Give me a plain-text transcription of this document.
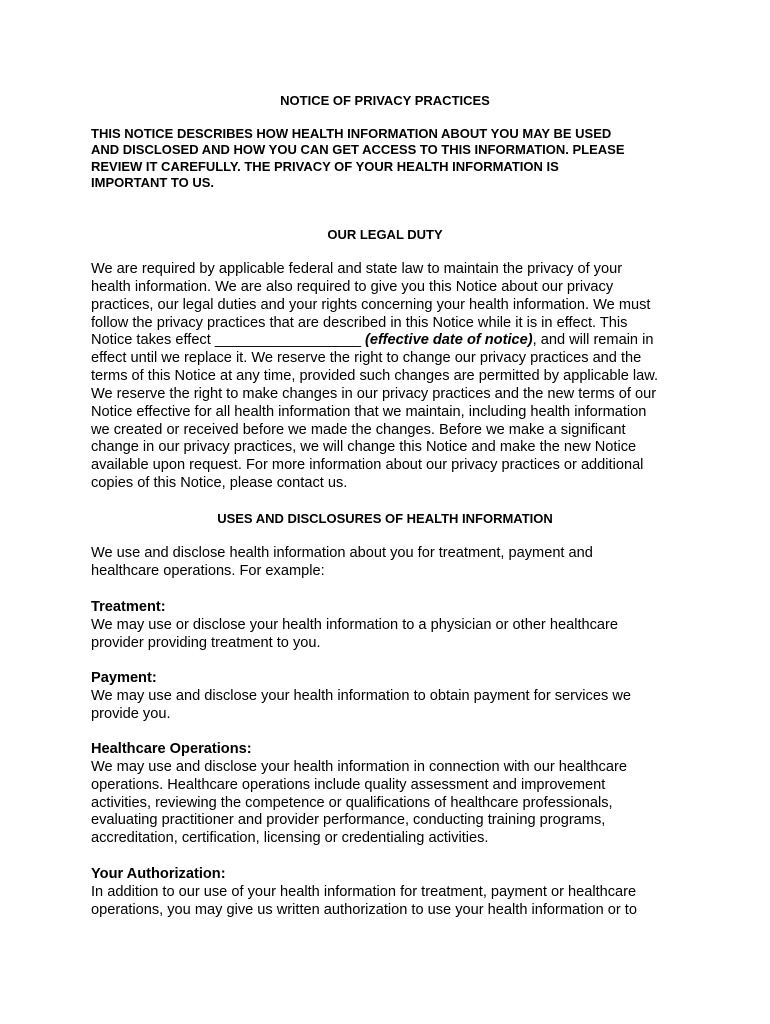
NOTICE OF PRIVACY PRACTICES

THIS NOTICE DESCRIBES HOW HEALTH INFORMATION ABOUT YOU MAY BE USED
AND DISCLOSED AND HOW YOU CAN GET ACCESS TO THIS INFORMATION. PLEASE
REVIEW IT CAREFULLY. THE PRIVACY OF YOUR HEALTH INFORMATION IS
IMPORTANT TO US.

OUR LEGAL DUTY

We are required by applicable federal and state law to maintain the privacy of your
health information. We are also required to give you this Notice about our privacy
practices, our legal duties and your rights concerning your health information. We must
follow the privacy practices that are described in this Notice while it is in effect. This
Notice takes effect __________________ (effective date of notice), and will remain in
effect until we replace it. We reserve the right to change our privacy practices and the
terms of this Notice at any time, provided such changes are permitted by applicable law.
We reserve the right to make changes in our privacy practices and the new terms of our
Notice effective for all health information that we maintain, including health information
we created or received before we made the changes. Before we make a significant
change in our privacy practices, we will change this Notice and make the new Notice
available upon request. For more information about our privacy practices or additional
copies of this Notice, please contact us.

USES AND DISCLOSURES OF HEALTH INFORMATION

We use and disclose health information about you for treatment, payment and
healthcare operations. For example:

Treatment:
We may use or disclose your health information to a physician or other healthcare
provider providing treatment to you.

Payment:
We may use and disclose your health information to obtain payment for services we
provide you.

Healthcare Operations:
We may use and disclose your health information in connection with our healthcare
operations. Healthcare operations include quality assessment and improvement
activities, reviewing the competence or qualifications of healthcare professionals,
evaluating practitioner and provider performance, conducting training programs,
accreditation, certification, licensing or credentialing activities.

Your Authorization:
In addition to our use of your health information for treatment, payment or healthcare
operations, you may give us written authorization to use your health information or to
